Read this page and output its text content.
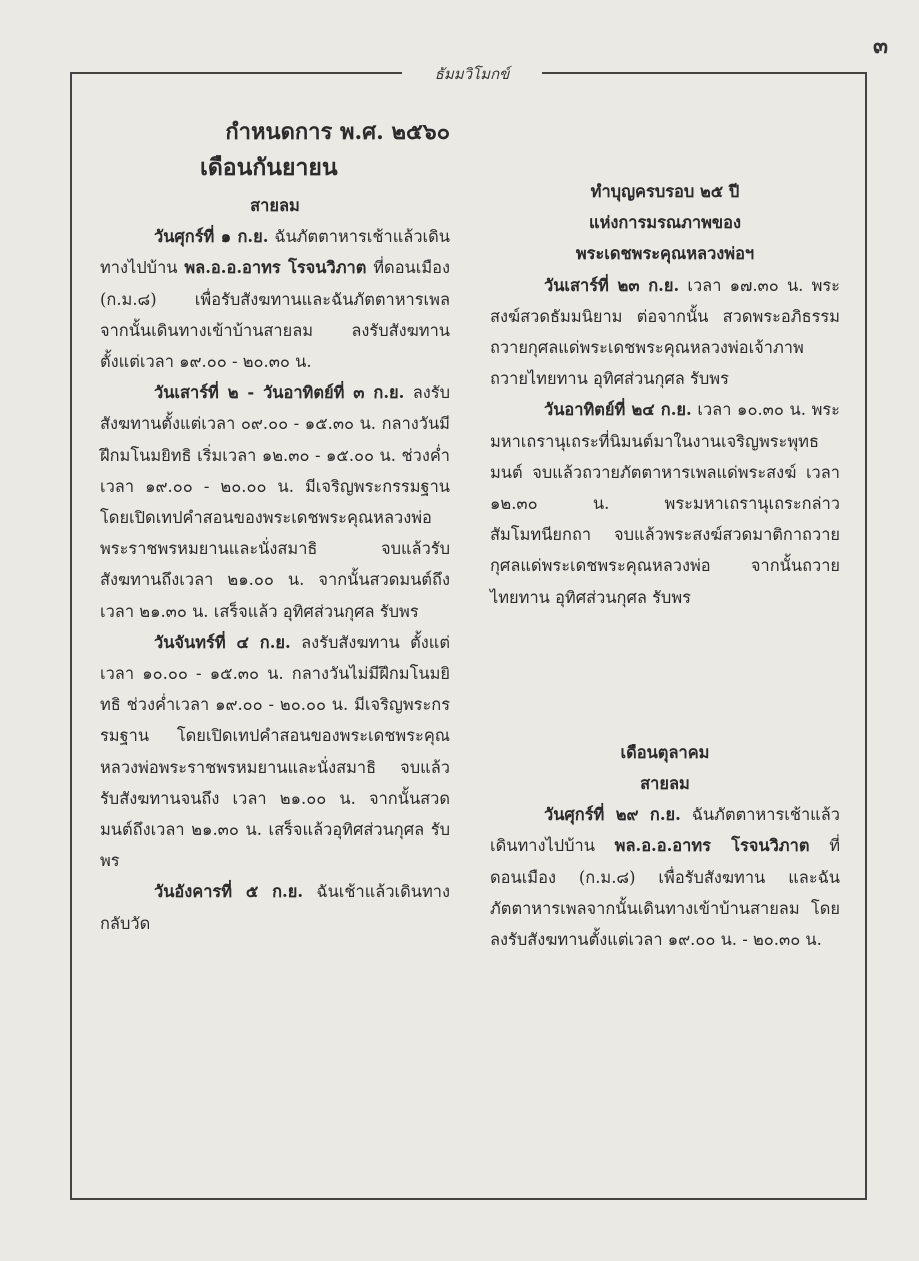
๓
ธัมมวิโมกข์
กำหนดการ พ.ศ. ๒๕๖๐
เดือนกันยายน
สายลม

วันศุกร์ที่ ๑ ก.ย. ฉันภัตตาหารเช้าแล้วเดินทางไปบ้าน พล.อ.อ.อาทร โรจนวิภาต ที่ดอนเมือง (ก.ม.๘) เพื่อรับสังฆทานและฉันภัตตาหารเพล จากนั้นเดินทางเข้าบ้านสายลม ลงรับสังฆทานตั้งแต่เวลา ๑๙.๐๐ - ๒๐.๓๐ น.

วันเสาร์ที่ ๒ - วันอาทิตย์ที่ ๓ ก.ย. ลงรับสังฆทานตั้งแต่เวลา ๐๙.๐๐ - ๑๕.๓๐ น. กลางวันมีฝึกมโนมยิทธิ เริ่มเวลา ๑๒.๓๐ - ๑๕.๐๐ น. ช่วงค่ำ เวลา ๑๙.๐๐ - ๒๐.๐๐ น. มีเจริญพระกรรมฐาน โดยเปิดเทปคำสอนของพระเดชพระคุณหลวงพ่อพระราชพรหมยานและนั่งสมาธิ จบแล้วรับสังฆทานถึงเวลา ๒๑.๐๐ น. จากนั้นสวดมนต์ถึงเวลา ๒๑.๓๐ น. เสร็จแล้ว อุทิศส่วนกุศล รับพร

วันจันทร์ที่ ๔ ก.ย. ลงรับสังฆทาน ตั้งแต่เวลา ๑๐.๐๐ - ๑๕.๓๐ น. กลางวันไม่มีฝึกมโนมยิทธิ ช่วงค่ำเวลา ๑๙.๐๐ - ๒๐.๐๐ น. มีเจริญพระกรรมฐาน โดยเปิดเทปคำสอนของพระเดชพระคุณหลวงพ่อพระราชพรหมยานและนั่งสมาธิ จบแล้วรับสังฆทานจนถึง เวลา ๒๑.๐๐ น. จากนั้นสวดมนต์ถึงเวลา ๒๑.๓๐ น. เสร็จแล้วอุทิศส่วนกุศล รับพร

วันอังคารที่ ๕ ก.ย. ฉันเช้าแล้วเดินทางกลับวัด

ทำบุญครบรอบ ๒๕ ปี
แห่งการมรณภาพของ
พระเดชพระคุณหลวงพ่อฯ

วันเสาร์ที่ ๒๓ ก.ย. เวลา ๑๗.๓๐ น. พระสงฆ์สวดธัมมนิยาม ต่อจากนั้น สวดพระอภิธรรมถวายกุศลแด่พระเดชพระคุณหลวงพ่อเจ้าภาพถวายไทยทาน อุทิศส่วนกุศล รับพร

วันอาทิตย์ที่ ๒๔ ก.ย. เวลา ๑๐.๓๐ น. พระมหาเถรานุเถระที่นิมนต์มาในงานเจริญพระพุทธมนต์ จบแล้วถวายภัตตาหารเพลแด่พระสงฆ์ เวลา ๑๒.๓๐ น. พระมหาเถรานุเถระกล่าวสัมโมทนียกถา จบแล้วพระสงฆ์สวดมาติกาถวายกุศลแด่พระเดชพระคุณหลวงพ่อ จากนั้นถวายไทยทาน อุทิศส่วนกุศล รับพร

เดือนตุลาคม
สายลม

วันศุกร์ที่ ๒๙ ก.ย. ฉันภัตตาหารเช้าแล้วเดินทางไปบ้าน พล.อ.อ.อาทร โรจนวิภาต ที่ดอนเมือง (ก.ม.๘) เพื่อรับสังฆทาน และฉันภัตตาหารเพลจากนั้นเดินทางเข้าบ้านสายลม โดยลงรับสังฆทานตั้งแต่เวลา ๑๙.๐๐ น. - ๒๐.๓๐ น.
